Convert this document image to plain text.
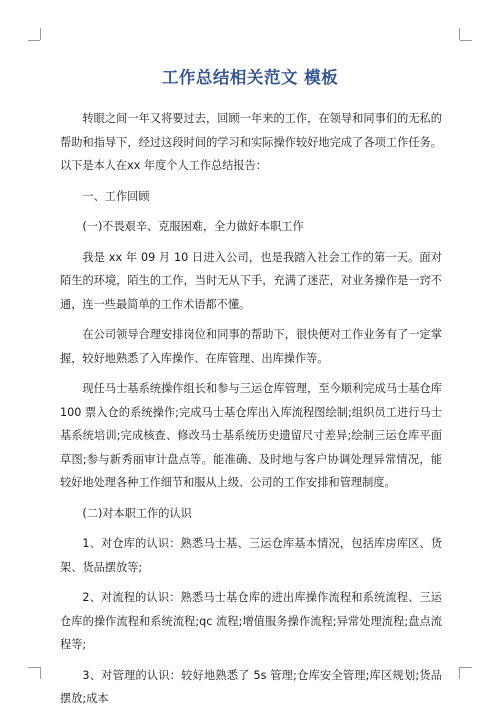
工作总结相关范文 模板

转眼之间一年又将要过去，回顾一年来的工作，在领导和同事们的无私的帮助和指导下，经过这段时间的学习和实际操作较好地完成了各项工作任务。以下是本人在xx 年度个人工作总结报告：

一、工作回顾

(一)不畏艰辛、克服困难，全力做好本职工作

我是 xx 年 09 月 10 日进入公司，也是我踏入社会工作的第一天。面对陌生的环境，陌生的工作，当时无从下手，充满了迷茫，对业务操作是一窍不通，连一些最简单的工作术语都不懂。

在公司领导合理安排岗位和同事的帮助下，很快便对工作业务有了一定掌握，较好地熟悉了入库操作、在库管理、出库操作等。

现任马士基系统操作组长和参与三运仓库管理，至今顺利完成马士基仓库 100 票入仓的系统操作;完成马士基仓库出入库流程图绘制;组织员工进行马士基系统培训;完成核查、修改马士基系统历史遗留尺寸差异;绘制三运仓库平面草图;参与新秀丽审计盘点等。能准确、及时地与客户协调处理异常情况，能较好地处理各种工作细节和服从上级、公司的工作安排和管理制度。

(二)对本职工作的认识

1、对仓库的认识：熟悉马士基、三运仓库基本情况，包括库房库区、货架、货品摆放等;

2、对流程的认识：熟悉马士基仓库的进出库操作流程和系统流程、三运仓库的操作流程和系统流程;qc 流程;增值服务操作流程;异常处理流程;盘点流程等;

3、对管理的认识：较好地熟悉了 5s 管理;仓库安全管理;库区规划;货品摆放;成本
